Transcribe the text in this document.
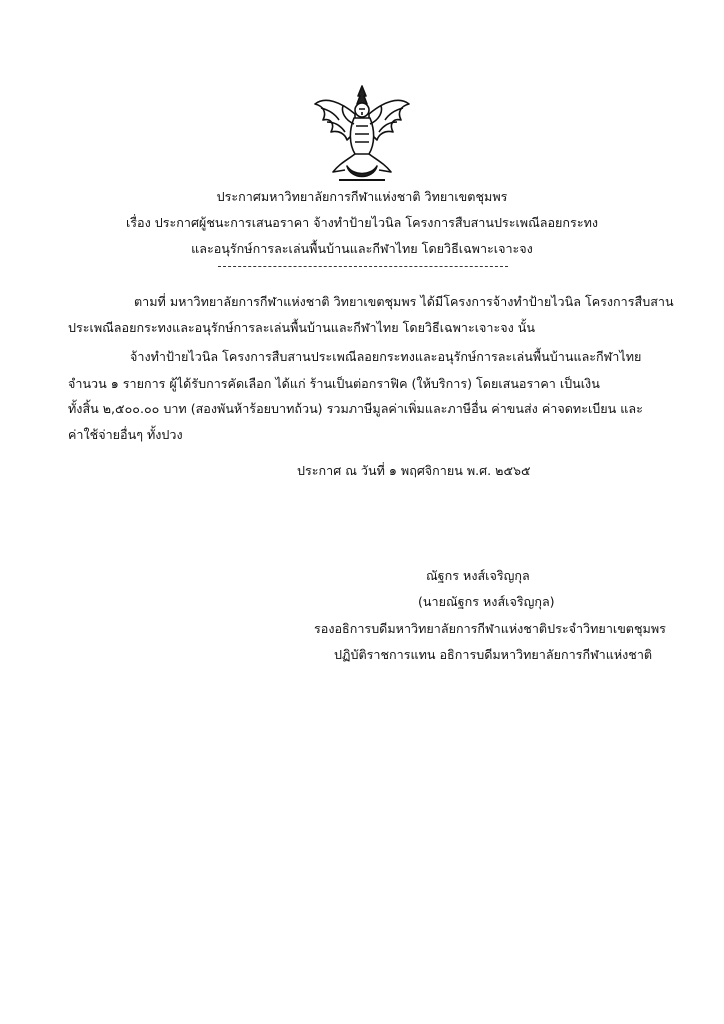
ประกาศมหาวิทยาลัยการกีฬาแห่งชาติ วิทยาเขตชุมพร
เรื่อง ประกาศผู้ชนะการเสนอราคา จ้างทำป้ายไวนิล โครงการสืบสานประเพณีลอยกระทง
และอนุรักษ์การละเล่นพื้นบ้านและกีฬาไทย โดยวิธีเฉพาะเจาะจง
ตามที่ มหาวิทยาลัยการกีฬาแห่งชาติ วิทยาเขตชุมพร ได้มีโครงการจ้างทำป้ายไวนิล โครงการสืบสาน
ประเพณีลอยกระทงและอนุรักษ์การละเล่นพื้นบ้านและกีฬาไทย โดยวิธีเฉพาะเจาะจง นั้น
จ้างทำป้ายไวนิล โครงการสืบสานประเพณีลอยกระทงและอนุรักษ์การละเล่นพื้นบ้านและกีฬาไทย
จำนวน ๑ รายการ ผู้ได้รับการคัดเลือก ได้แก่ ร้านเป็นต่อกราฟิค (ให้บริการ) โดยเสนอราคา เป็นเงิน
ทั้งสิ้น ๒,๕๐๐.๐๐ บาท (สองพันห้าร้อยบาทถ้วน) รวมภาษีมูลค่าเพิ่มและภาษีอื่น ค่าขนส่ง ค่าจดทะเบียน และ
ค่าใช้จ่ายอื่นๆ ทั้งปวง
ประกาศ ณ วันที่ ๑ พฤศจิกายน พ.ศ. ๒๕๖๕
ณัฐกร หงส์เจริญกุล
(นายณัฐกร หงส์เจริญกุล)
รองอธิการบดีมหาวิทยาลัยการกีฬาแห่งชาติประจำวิทยาเขตชุมพร
ปฏิบัติราชการแทน อธิการบดีมหาวิทยาลัยการกีฬาแห่งชาติ
